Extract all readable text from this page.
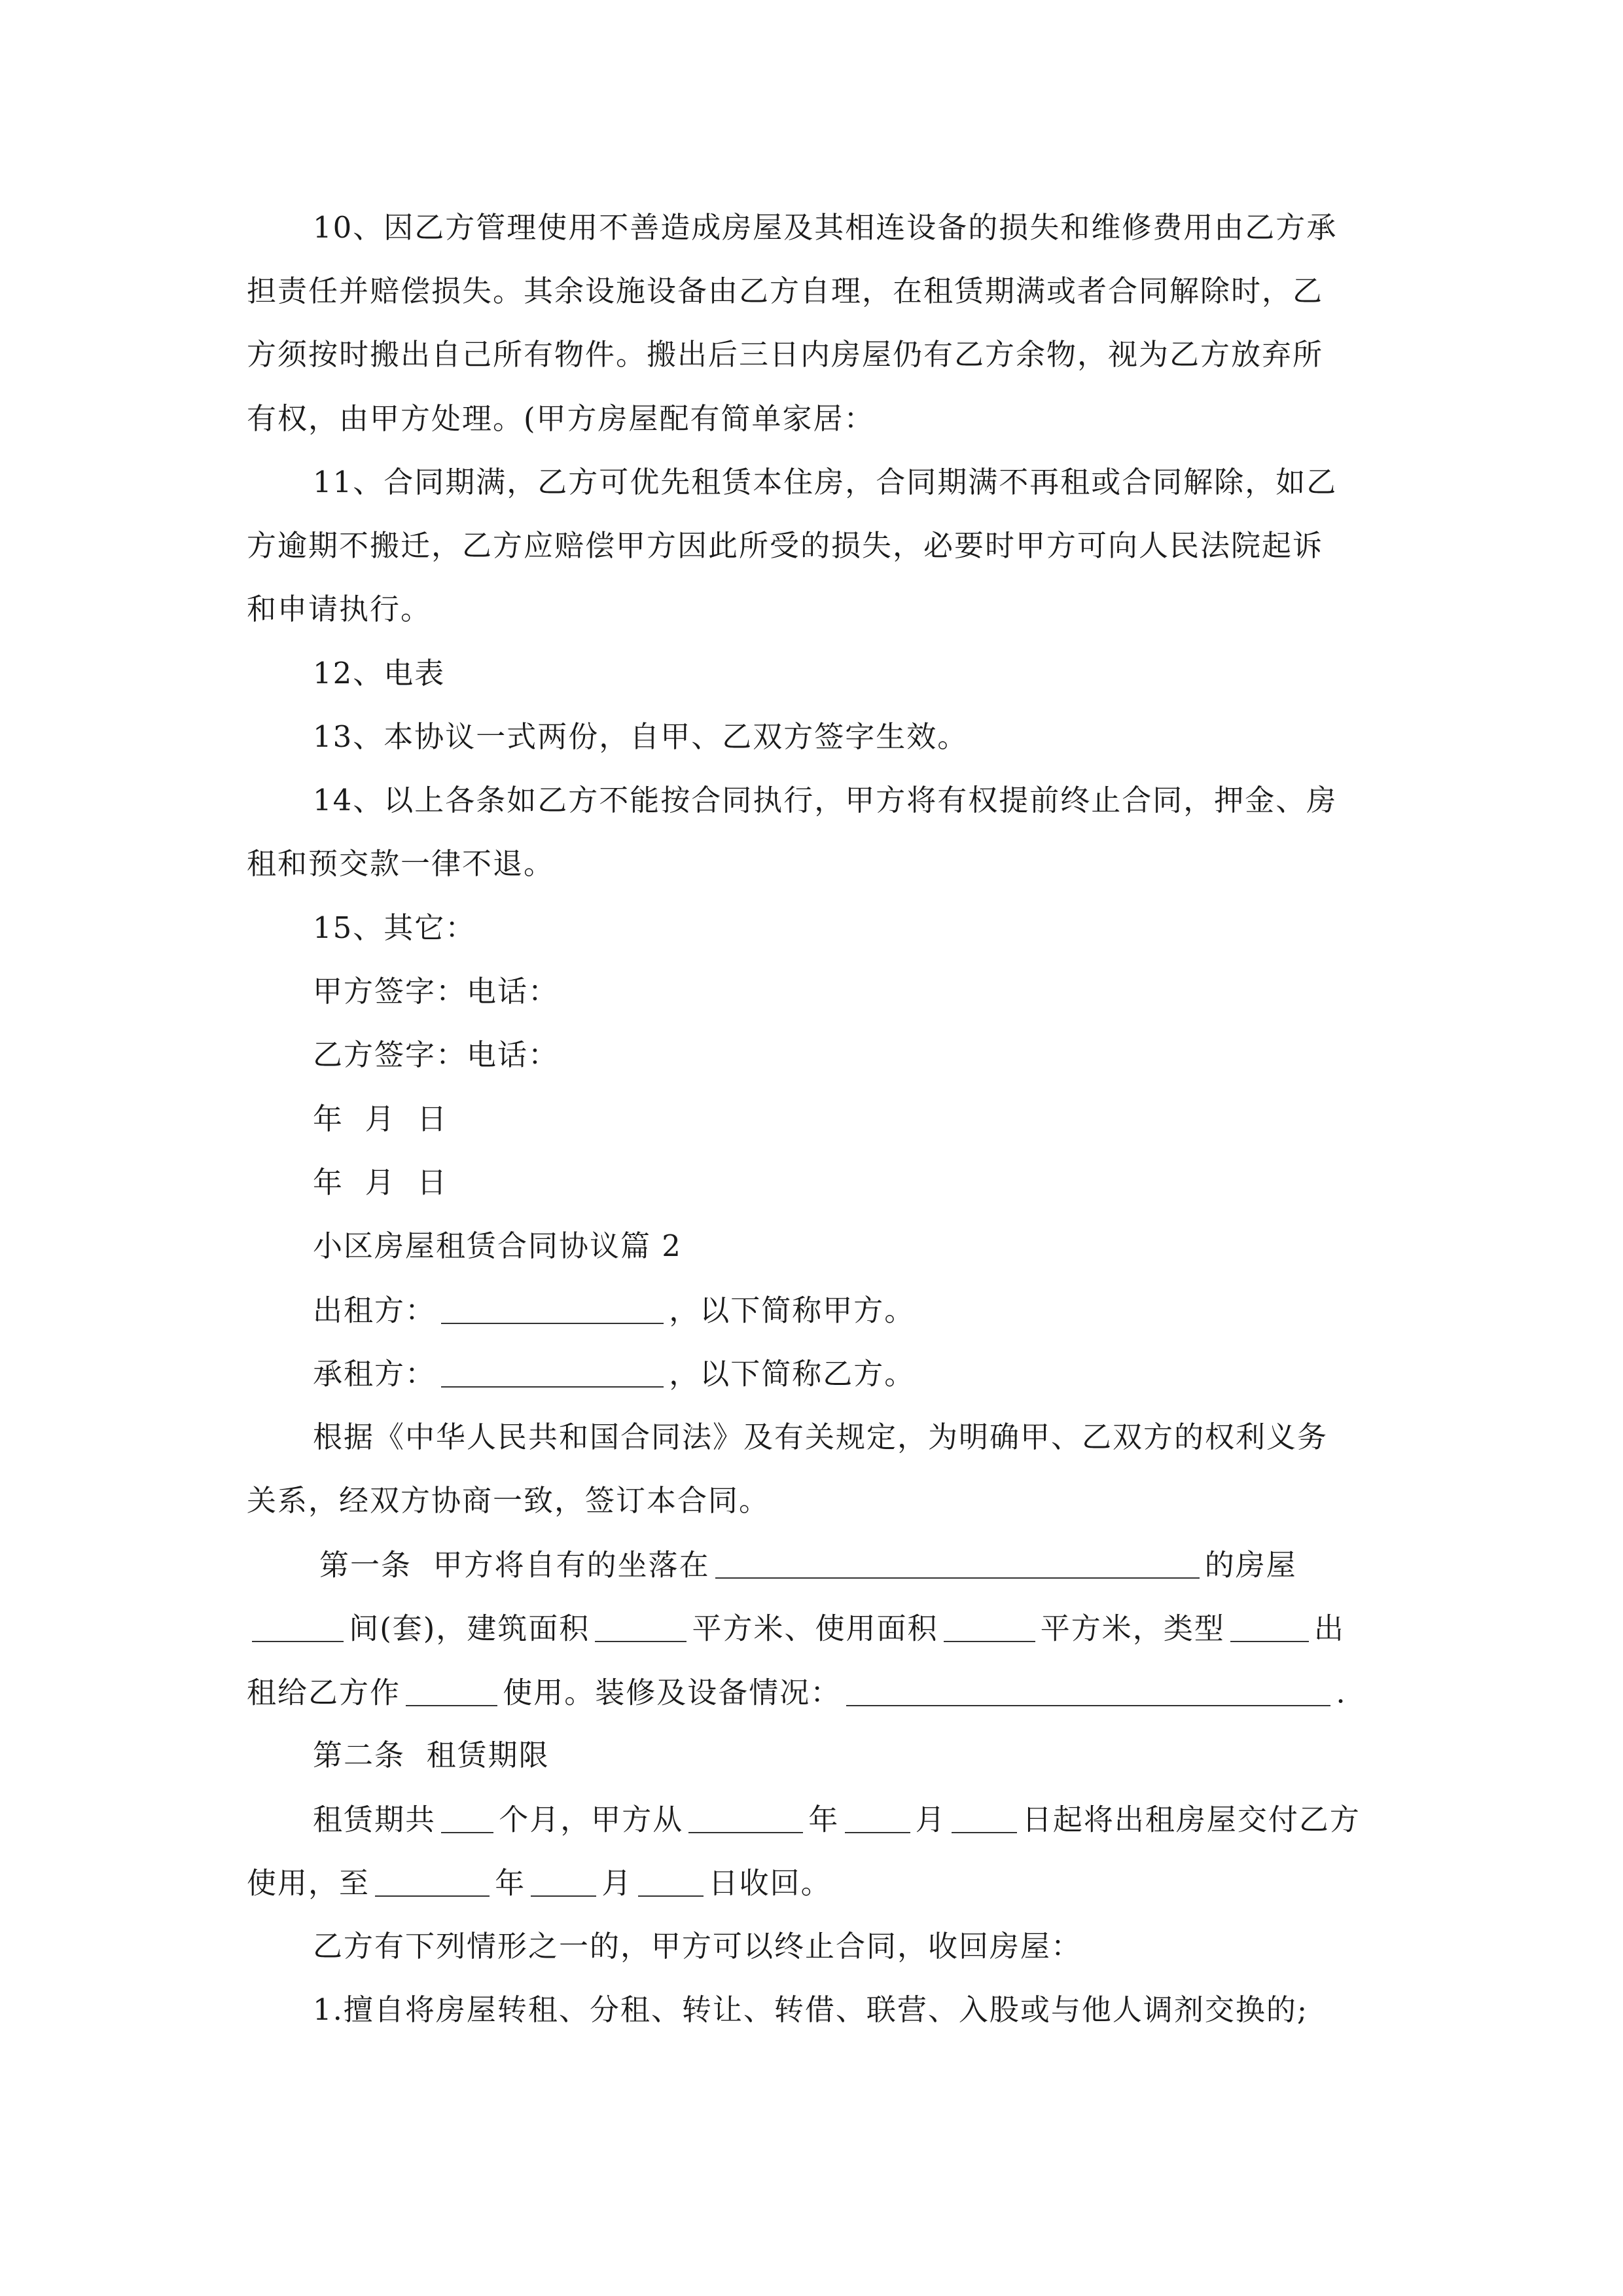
10、因乙方管理使用不善造成房屋及其相连设备的损失和维修费用由乙方承
担责任并赔偿损失。其余设施设备由乙方自理，在租赁期满或者合同解除时，乙
方须按时搬出自己所有物件。搬出后三日内房屋仍有乙方余物，视为乙方放弃所
有权，由甲方处理。(甲方房屋配有简单家居：
11、合同期满，乙方可优先租赁本住房，合同期满不再租或合同解除，如乙
方逾期不搬迁，乙方应赔偿甲方因此所受的损失，必要时甲方可向人民法院起诉
和申请执行。
12、电表
13、本协议一式两份，自甲、乙双方签字生效。
14、以上各条如乙方不能按合同执行，甲方将有权提前终止合同，押金、房
租和预交款一律不退。
15、其它：
甲方签字：电话：
乙方签字：电话：
年  月  日
年  月  日
小区房屋租赁合同协议篇 2
出租方：	，以下简称甲方。
承租方：	，以下简称乙方。
根据《中华人民共和国合同法》及有关规定，为明确甲、乙双方的权利义务
关系，经双方协商一致，签订本合同。
第一条  甲方将自有的坐落在	的房屋
间(套)，建筑面积	平方米、使用面积	平方米，类型	出
租给乙方作	使用。装修及设备情况：	.
第二条  租赁期限
租赁期共 个月，甲方从	年	月	日起将出租房屋交付乙方
使用，至	年	月	日收回。
乙方有下列情形之一的，甲方可以终止合同，收回房屋：
1.擅自将房屋转租、分租、转让、转借、联营、入股或与他人调剂交换的;
